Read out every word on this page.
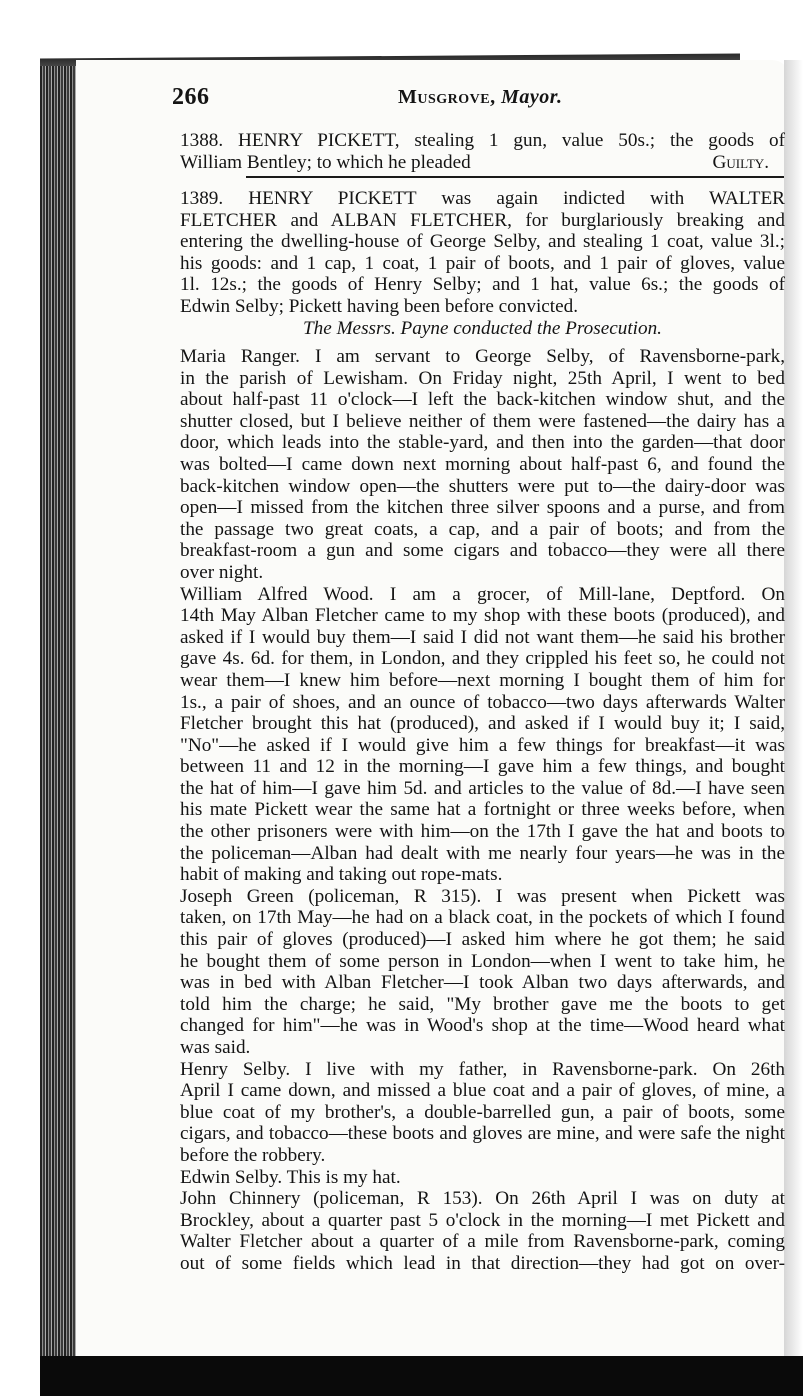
266	Musgrove, Mayor.
1388. HENRY PICKETT, stealing 1 gun, value 50s.; the goods of
William Bentley; to which he pleaded	Guilty.
1389. HENRY PICKETT was again indicted with WALTER
FLETCHER and ALBAN FLETCHER, for burglariously breaking and
entering the dwelling-house of George Selby, and stealing 1 coat, value 3l.;
his goods: and 1 cap, 1 coat, 1 pair of boots, and 1 pair of gloves, value
1l. 12s.; the goods of Henry Selby; and 1 hat, value 6s.; the goods of
Edwin Selby; Pickett having been before convicted.
The Messrs. Payne conducted the Prosecution.
Maria Ranger. I am servant to George Selby, of Ravensborne-park,
in the parish of Lewisham. On Friday night, 25th April, I went to bed
about half-past 11 o'clock—I left the back-kitchen window shut, and the
shutter closed, but I believe neither of them were fastened—the dairy has a
door, which leads into the stable-yard, and then into the garden—that door
was bolted—I came down next morning about half-past 6, and found the
back-kitchen window open—the shutters were put to—the dairy-door was
open—I missed from the kitchen three silver spoons and a purse, and from
the passage two great coats, a cap, and a pair of boots; and from the
breakfast-room a gun and some cigars and tobacco—they were all there
over night.
William Alfred Wood. I am a grocer, of Mill-lane, Deptford. On
14th May Alban Fletcher came to my shop with these boots (produced), and
asked if I would buy them—I said I did not want them—he said his brother
gave 4s. 6d. for them, in London, and they crippled his feet so, he could not
wear them—I knew him before—next morning I bought them of him for
1s., a pair of shoes, and an ounce of tobacco—two days afterwards Walter
Fletcher brought this hat (produced), and asked if I would buy it; I said,
"No"—he asked if I would give him a few things for breakfast—it was
between 11 and 12 in the morning—I gave him a few things, and bought
the hat of him—I gave him 5d. and articles to the value of 8d.—I have seen
his mate Pickett wear the same hat a fortnight or three weeks before, when
the other prisoners were with him—on the 17th I gave the hat and boots to
the policeman—Alban had dealt with me nearly four years—he was in the
habit of making and taking out rope-mats.
Joseph Green (policeman, R 315). I was present when Pickett was
taken, on 17th May—he had on a black coat, in the pockets of which I found
this pair of gloves (produced)—I asked him where he got them; he said
he bought them of some person in London—when I went to take him, he
was in bed with Alban Fletcher—I took Alban two days afterwards, and
told him the charge; he said, "My brother gave me the boots to get
changed for him"—he was in Wood's shop at the time—Wood heard what
was said.
Henry Selby. I live with my father, in Ravensborne-park. On 26th
April I came down, and missed a blue coat and a pair of gloves, of mine, a
blue coat of my brother's, a double-barrelled gun, a pair of boots, some
cigars, and tobacco—these boots and gloves are mine, and were safe the night
before the robbery.
Edwin Selby. This is my hat.
John Chinnery (policeman, R 153). On 26th April I was on duty at
Brockley, about a quarter past 5 o'clock in the morning—I met Pickett and
Walter Fletcher about a quarter of a mile from Ravensborne-park, coming
out of some fields which lead in that direction—they had got on over-
